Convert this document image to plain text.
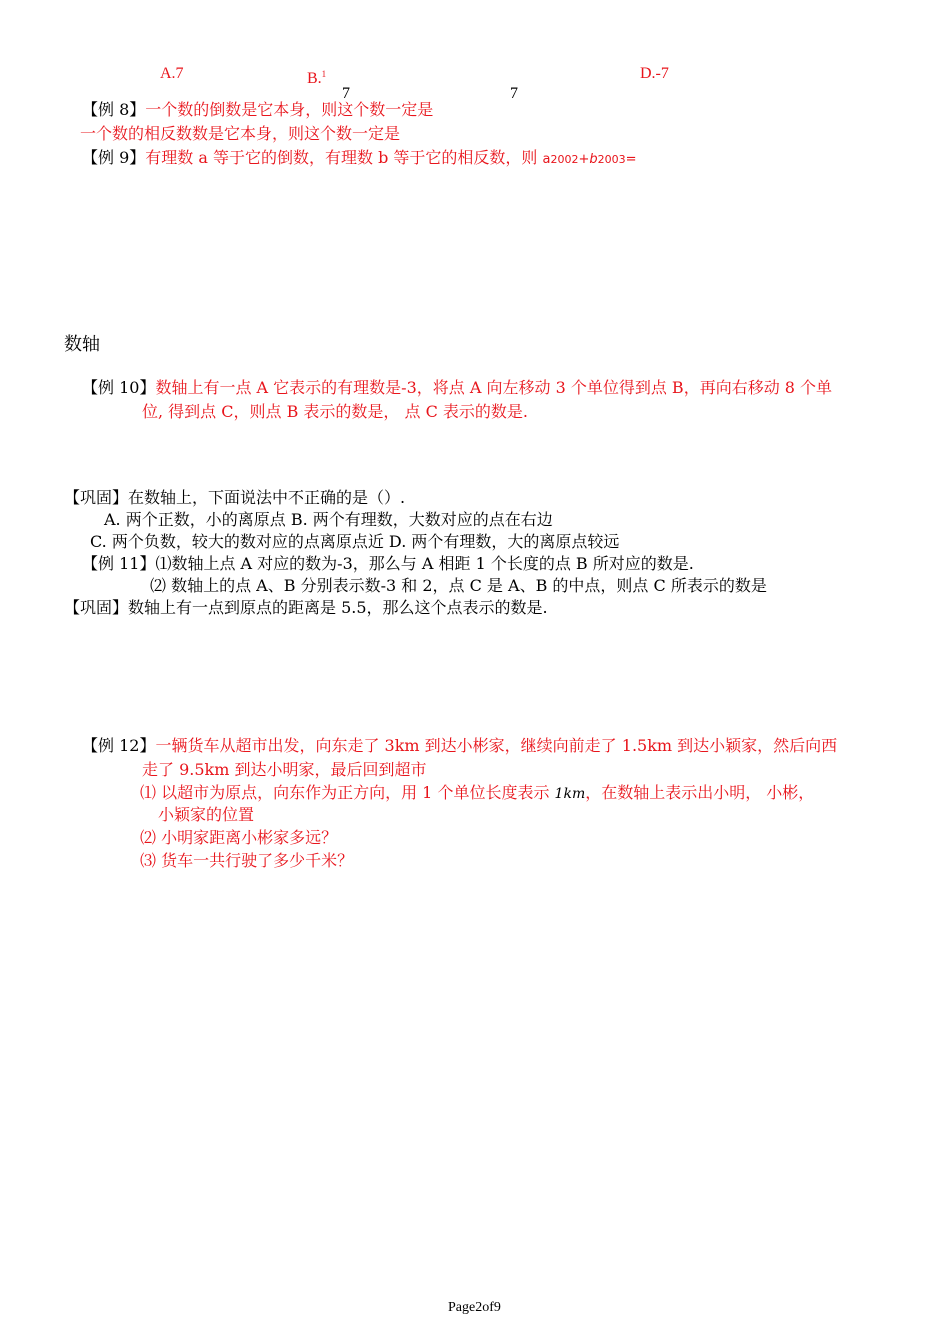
A.7	B.$^1$
7	7
D.-7
【例 8】一个数的倒数是它本身，则这个数一定是
一个数的相反数数是它本身，则这个数一定是
【例 9】有理数 a 等于它的倒数，有理数 b 等于它的相反数，则 a2002+b2003=
数轴
【例 10】数轴上有一点 A 它表示的有理数是-3，将点 A 向左移动 3 个单位得到点 B，再向右移动 8 个单
位, 得到点 C，则点 B 表示的数是， 点 C 表示的数是.
【巩固】在数轴上，下面说法中不正确的是（）.
A. 两个正数，小的离原点 B. 两个有理数，大数对应的点在右边
C. 两个负数，较大的数对应的点离原点近 D. 两个有理数，大的离原点较远
【例 11】⑴数轴上点 A 对应的数为-3，那么与 A 相距 1 个长度的点 B 所对应的数是.
⑵ 数轴上的点 A、B 分别表示数-3 和 2，点 C 是 A、B 的中点，则点 C 所表示的数是
【巩固】数轴上有一点到原点的距离是 5.5，那么这个点表示的数是.
【例 12】一辆货车从超市出发，向东走了 3km 到达小彬家，继续向前走了 1.5km 到达小颖家，然后向西
走了 9.5km 到达小明家，最后回到超市
⑴ 以超市为原点，向东作为正方向，用 1 个单位长度表示 1km，在数轴上表示出小明， 小彬，
小颖家的位置
⑵ 小明家距离小彬家多远？
⑶ 货车一共行驶了多少千米？
Page2of9
